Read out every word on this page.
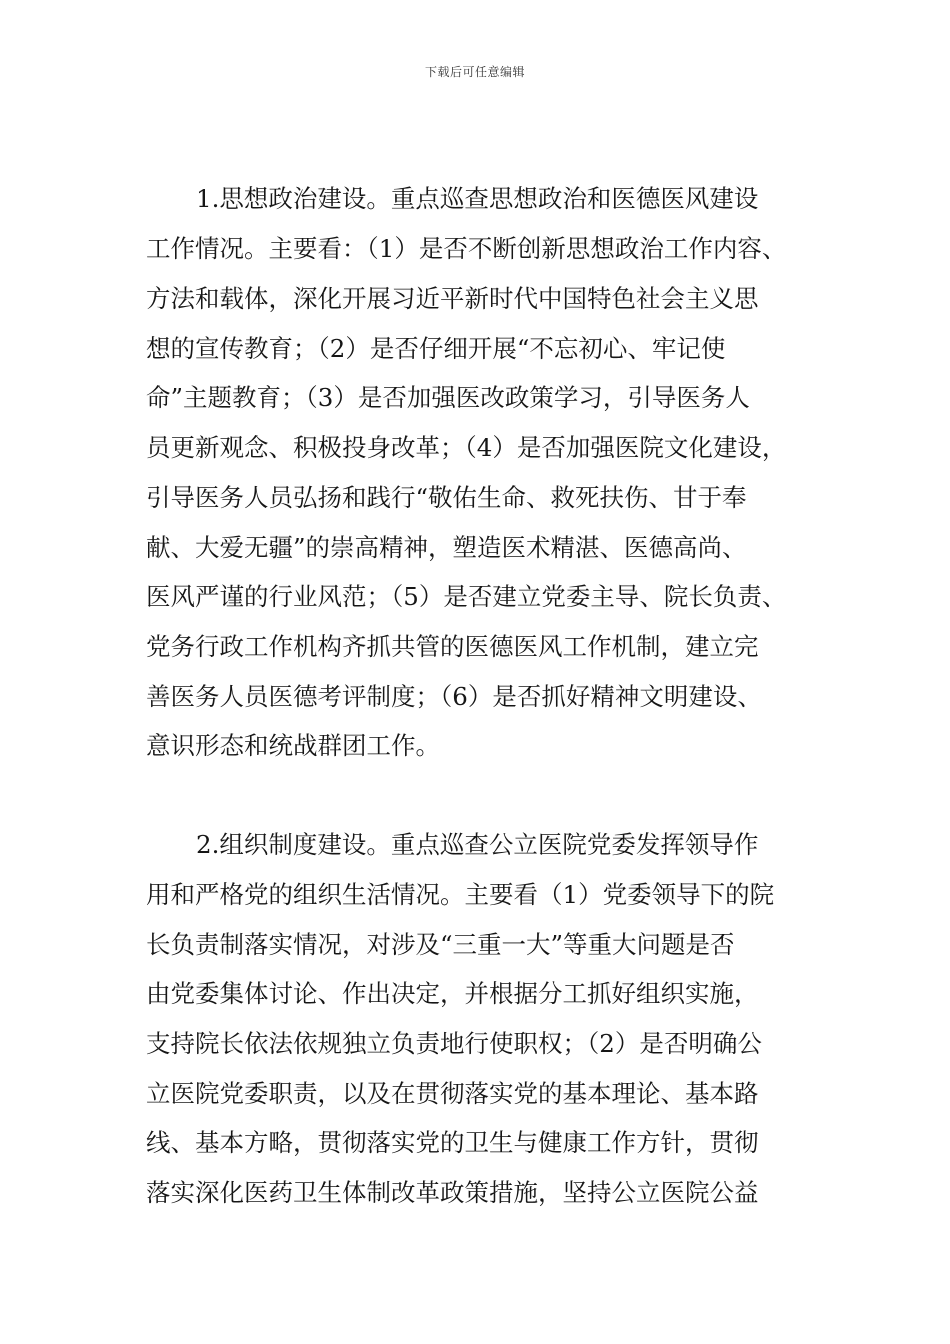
下载后可任意编辑
1.思想政治建设。重点巡查思想政治和医德医风建设
工作情况。主要看：（1）是否不断创新思想政治工作内容、
方法和载体，深化开展习近平新时代中国特色社会主义思
想的宣传教育；（2）是否仔细开展“不忘初心、牢记使
命”主题教育；（3）是否加强医改政策学习，引导医务人
员更新观念、积极投身改革；（4）是否加强医院文化建设，
引导医务人员弘扬和践行“敬佑生命、救死扶伤、甘于奉
献、大爱无疆”的崇高精神，塑造医术精湛、医德高尚、
医风严谨的行业风范；（5）是否建立党委主导、院长负责、
党务行政工作机构齐抓共管的医德医风工作机制，建立完
善医务人员医德考评制度；（6）是否抓好精神文明建设、
意识形态和统战群团工作。
2.组织制度建设。重点巡查公立医院党委发挥领导作
用和严格党的组织生活情况。主要看（1）党委领导下的院
长负责制落实情况，对涉及“三重一大”等重大问题是否
由党委集体讨论、作出决定，并根据分工抓好组织实施，
支持院长依法依规独立负责地行使职权；（2）是否明确公
立医院党委职责，以及在贯彻落实党的基本理论、基本路
线、基本方略，贯彻落实党的卫生与健康工作方针，贯彻
落实深化医药卫生体制改革政策措施，坚持公立医院公益
